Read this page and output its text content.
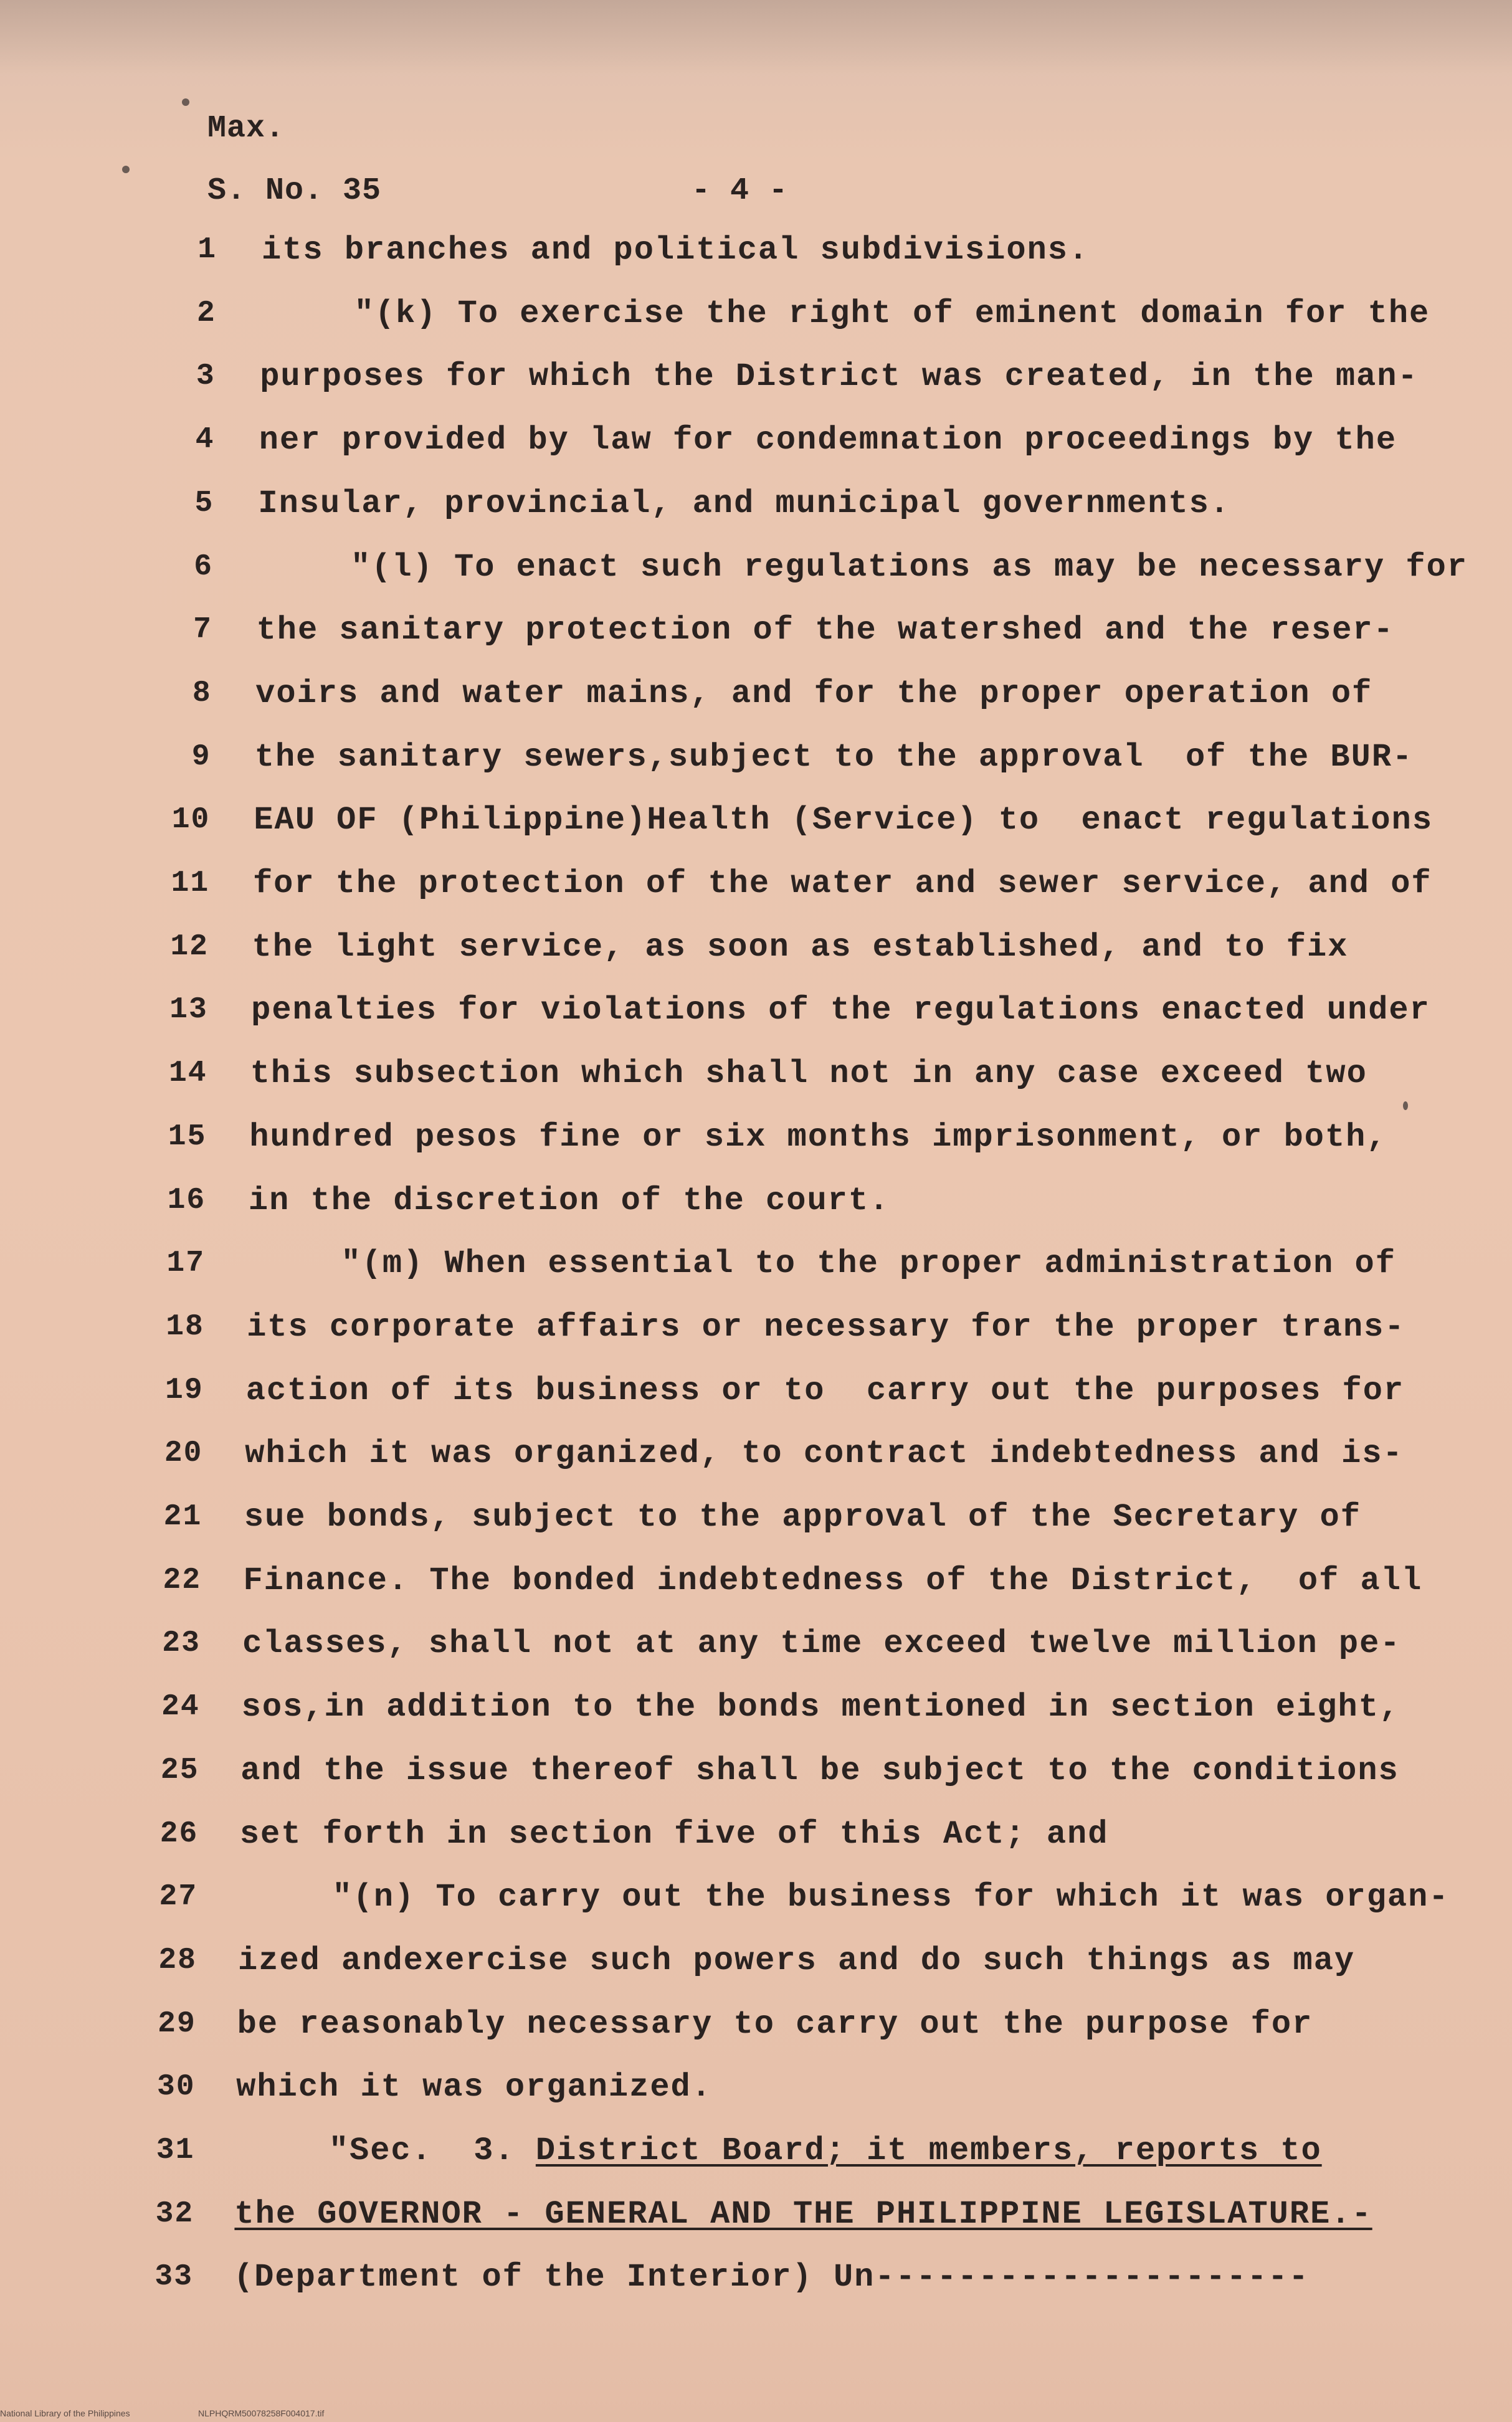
Max.
S. No. 35	- 4 -
1 its branches and political subdivisions.
2	"(k) To exercise the right of eminent domain for the
3 purposes for which the District was created, in the man-
4 ner provided by law for condemnation proceedings by the
5 Insular, provincial, and municipal governments.
6	"(l) To enact such regulations as may be necessary for
7 the sanitary protection of the watershed and the reser-
8 voirs and water mains, and for the proper operation of
9 the sanitary sewers,subject to the approval  of the BUR-
10 EAU OF (Philippine)Health (Service) to  enact regulations
11 for the protection of the water and sewer service, and of
12 the light service, as soon as established, and to fix
13 penalties for violations of the regulations enacted under
14 this subsection which shall not in any case exceed two
15 hundred pesos fine or six months imprisonment, or both,
16 in the discretion of the court.
17	"(m) When essential to the proper administration of
18 its corporate affairs or necessary for the proper trans-
19 action of its business or to  carry out the purposes for
20 which it was organized, to contract indebtedness and is-
21 sue bonds, subject to the approval of the Secretary of
22 Finance. The bonded indebtedness of the District,  of all
23 classes, shall not at any time exceed twelve million pe-
24 sos,in addition to the bonds mentioned in section eight,
25 and the issue thereof shall be subject to the conditions
26 set forth in section five of this Act; and
27	"(n) To carry out the business for which it was organ-
28 ized andexercise such powers and do such things as may
29 be reasonably necessary to carry out the purpose for
30 which it was organized.
31	"Sec.  3. District Board; it members, reports to
32 the GOVERNOR - GENERAL AND THE PHILIPPINE LEGISLATURE.-
33 (Department of the Interior) Un---------------------
National Library of the Philippines	NLPHQRM50078258F004017.tif
